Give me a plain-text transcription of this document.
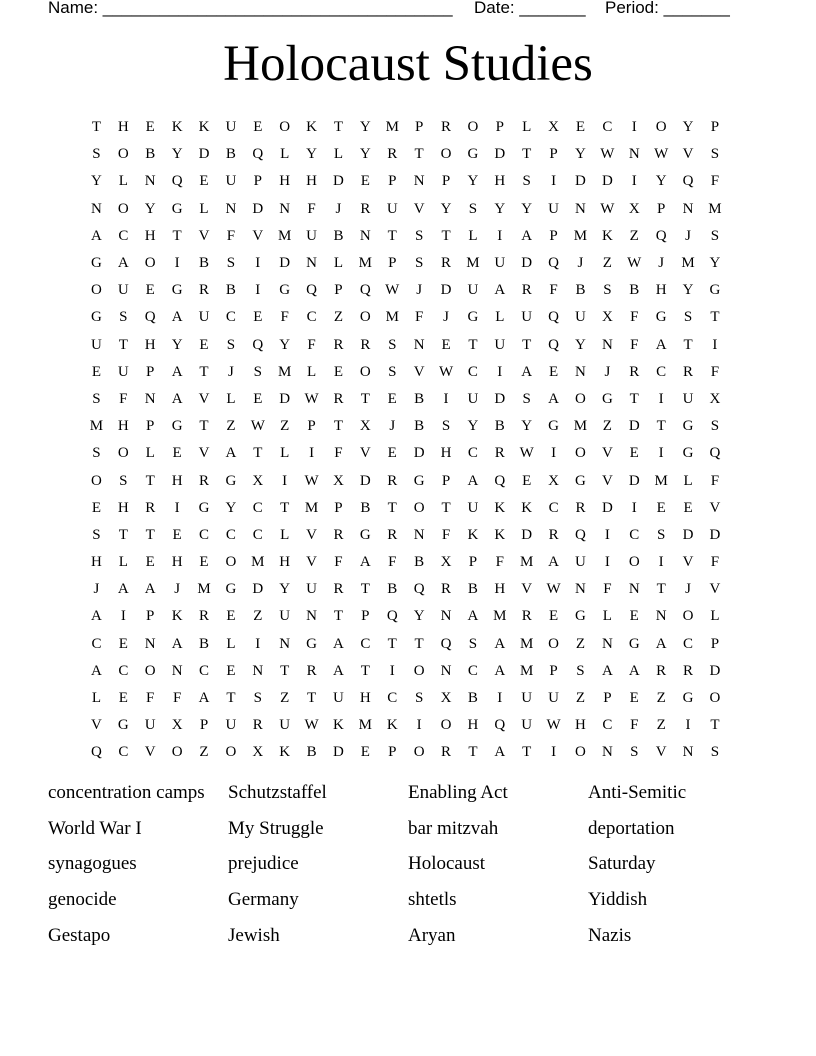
Name: _____________________________________ Date: _______ Period: _______
Holocaust Studies
T	H	E	K	K	U	E	O	K	T	Y M	P	R	O	P	L	X	E	C	I	O	Y	P
S	O	B	Y	D	B	Q	L	Y	L	Y	R	T	O	G	D	T	P	Y W N W V	S
Y	L	N	Q	E	U	P	H	H	D	E	P	N	P	Y	H	S	I	D	D	I	Y	Q	F
N	O	Y	G	L	N	D	N	F	J	R	U	V	Y	S	Y	Y	U	N W X	P	N M
A	C	H	T	V	F	V M U	B	N	T	S	T	L	I	A	P	M K	Z	Q	J	S
G	A	O	I	B	S	I	D	N	L	M	P	S	R	M U	D	Q	J	Z	W	J	M Y
O	U	E	G	R	B	I	G	Q	P	Q W	J	D	U	A	R	F	B	S	B	H	Y	G
G	S	Q	A	U	C	E	F	C	Z	O M	F	J	G	L	U	Q	U	X	F	G	S	T
U	T	H	Y	E	S	Q	Y	F	R	R	S	N	E	T	U	T	Q	Y	N	F	A	T	I
E	U	P	A	T	J	S	M	L	E	O	S	V W C	I	A	E	N	J	R	C	R	F
S	F	N	A	V	L	E	D W R	T	E	B	I	U	D	S	A	O	G	T	I	U	X
M H	P	G	T	Z	W	Z	P	T	X	J	B	S	Y	B	Y	G M	Z	D	T	G	S
S	O	L	E	V	A	T	L	I	F	V	E	D	H	C	R W	I	O	V	E	I	G	Q
O	S	T	H	R	G	X	I	W X	D	R	G	P	A	Q	E	X	G	V	D M	L	F
E	H	R	I	G	Y	C	T	M	P	B	T	O	T	U	K	K	C	R	D	I	E	E	V
S	T	T	E	C	C	C	L	V	R	G	R	N	F	K	K	D	R	Q	I	C	S	D	D
H	L	E	H	E	O M H	V	F	A	F	B	X	P	F	M A	U	I	O	I	V	F
J	A	A	J	M G	D	Y	U	R	T	B	Q	R	B	H	V W N	F	N	T	J	V
A	I	P	K	R	E	Z	U	N	T	P	Q	Y	N	A M	R	E	G	L	E	N	O	L
C	E	N	A	B	L	I	N	G	A	C	T	T	Q	S	A M O	Z	N	G	A	C	P
A	C	O	N	C	E	N	T	R	A	T	I	O	N	C	A M	P	S	A	A	R	R	D
L	E	F	F	A	T	S	Z	T	U	H	C	S	X	B	I	U	U	Z	P	E	Z	G	O
V	G	U	X	P	U	R	U W K M K	I	O	H	Q	U W H	C	F	Z	I	T
Q	C	V	O	Z	O	X	K	B	D	E	P	O	R	T	A	T	I	O	N	S	V	N	S
concentration camps	Schutzstaffel	Enabling Act	Anti-Semitic
World War I	My Struggle	bar mitzvah	deportation
synagogues	prejudice	Holocaust	Saturday
genocide	Germany	shtetls	Yiddish
Gestapo	Jewish	Aryan	Nazis
